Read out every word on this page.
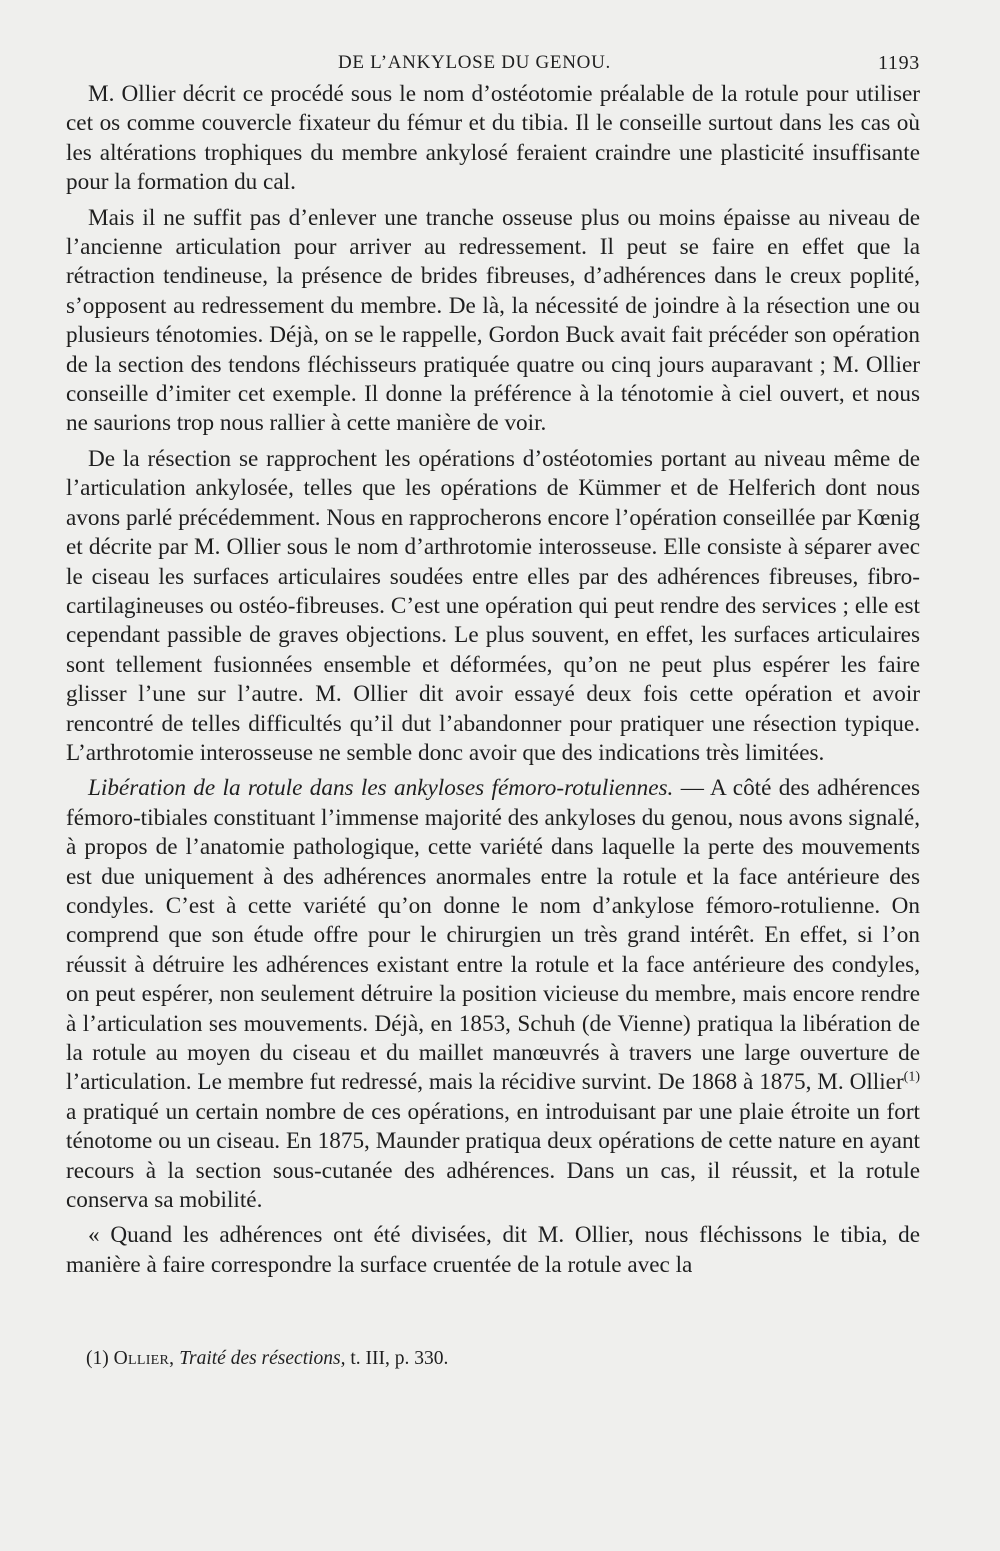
DE L’ANKYLOSE DU GENOU.	1193

M. Ollier décrit ce procédé sous le nom d’ostéotomie préalable de la rotule pour utiliser cet os comme couvercle fixateur du fémur et du tibia. Il le conseille surtout dans les cas où les altérations trophiques du membre ankylosé feraient craindre une plasticité insuffisante pour la formation du cal.

Mais il ne suffit pas d’enlever une tranche osseuse plus ou moins épaisse au niveau de l’ancienne articulation pour arriver au redressement. Il peut se faire en effet que la rétraction tendineuse, la présence de brides fibreuses, d’adhérences dans le creux poplité, s’opposent au redressement du membre. De là, la nécessité de joindre à la résection une ou plusieurs ténotomies. Déjà, on se le rappelle, Gordon Buck avait fait précéder son opération de la section des tendons fléchisseurs pratiquée quatre ou cinq jours auparavant ; M. Ollier conseille d’imiter cet exemple. Il donne la préférence à la ténotomie à ciel ouvert, et nous ne saurions trop nous rallier à cette manière de voir.

De la résection se rapprochent les opérations d’ostéotomies portant au niveau même de l’articulation ankylosée, telles que les opérations de Kümmer et de Helferich dont nous avons parlé précédemment. Nous en rapprocherons encore l’opération conseillée par Kœnig et décrite par M. Ollier sous le nom d’arthrotomie interosseuse. Elle consiste à séparer avec le ciseau les surfaces articulaires soudées entre elles par des adhérences fibreuses, fibro-cartilagineuses ou ostéo-fibreuses. C’est une opération qui peut rendre des services ; elle est cependant passible de graves objections. Le plus souvent, en effet, les surfaces articulaires sont tellement fusionnées ensemble et déformées, qu’on ne peut plus espérer les faire glisser l’une sur l’autre. M. Ollier dit avoir essayé deux fois cette opération et avoir rencontré de telles difficultés qu’il dut l’abandonner pour pratiquer une résection typique. L’arthrotomie interosseuse ne semble donc avoir que des indications très limitées.

Libération de la rotule dans les ankyloses fémoro-rotuliennes. — A côté des adhérences fémoro-tibiales constituant l’immense majorité des ankyloses du genou, nous avons signalé, à propos de l’anatomie pathologique, cette variété dans laquelle la perte des mouvements est due uniquement à des adhérences anormales entre la rotule et la face antérieure des condyles. C’est à cette variété qu’on donne le nom d’ankylose fémoro-rotulienne. On comprend que son étude offre pour le chirurgien un très grand intérêt. En effet, si l’on réussit à détruire les adhérences existant entre la rotule et la face antérieure des condyles, on peut espérer, non seulement détruire la position vicieuse du membre, mais encore rendre à l’articulation ses mouvements. Déjà, en 1853, Schuh (de Vienne) pratiqua la libération de la rotule au moyen du ciseau et du maillet manœuvrés à travers une large ouverture de l’articulation. Le membre fut redressé, mais la récidive survint. De 1868 à 1875, M. Ollier$^{(1)}$ a pratiqué un certain nombre de ces opérations, en introduisant par une plaie étroite un fort ténotome ou un ciseau. En 1875, Maunder pratiqua deux opérations de cette nature en ayant recours à la section sous-cutanée des adhérences. Dans un cas, il réussit, et la rotule conserva sa mobilité.

« Quand les adhérences ont été divisées, dit M. Ollier, nous fléchissons le tibia, de manière à faire correspondre la surface cruentée de la rotule avec la

(1) Ollier, Traité des résections, t. III, p. 330.
